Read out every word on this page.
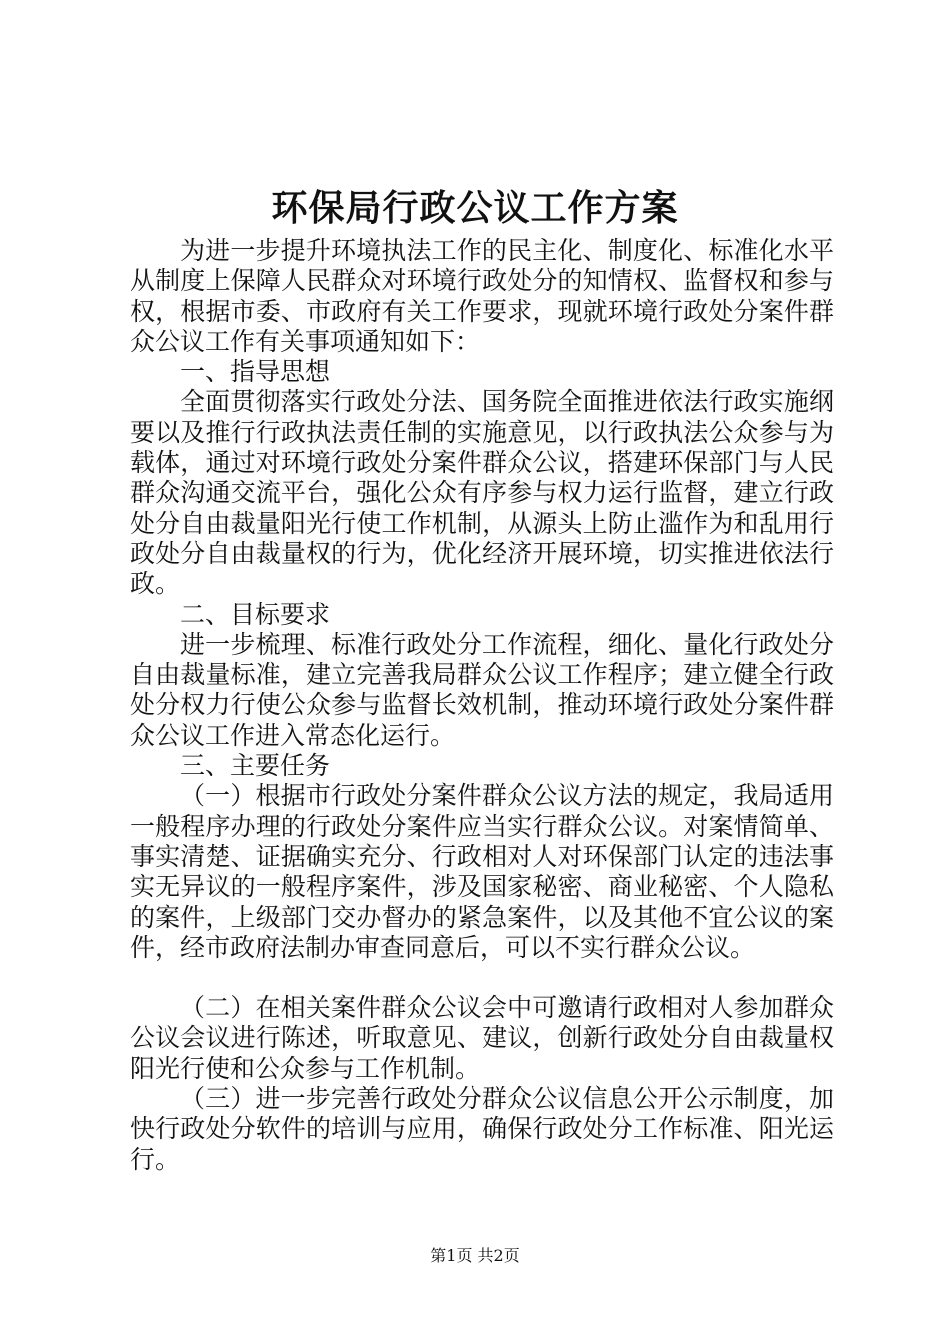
环保局行政公议工作方案

为进一步提升环境执法工作的民主化、制度化、标准化水平从制度上保障人民群众对环境行政处分的知情权、监督权和参与权，根据市委、市政府有关工作要求，现就环境行政处分案件群众公议工作有关事项通知如下：

一、指导思想

全面贯彻落实行政处分法、国务院全面推进依法行政实施纲要以及推行行政执法责任制的实施意见，以行政执法公众参与为载体，通过对环境行政处分案件群众公议，搭建环保部门与人民群众沟通交流平台，强化公众有序参与权力运行监督，建立行政处分自由裁量阳光行使工作机制，从源头上防止滥作为和乱用行政处分自由裁量权的行为，优化经济开展环境，切实推进依法行政。

二、目标要求

进一步梳理、标准行政处分工作流程，细化、量化行政处分自由裁量标准，建立完善我局群众公议工作程序；建立健全行政处分权力行使公众参与监督长效机制，推动环境行政处分案件群众公议工作进入常态化运行。

三、主要任务

（一）根据市行政处分案件群众公议方法的规定，我局适用一般程序办理的行政处分案件应当实行群众公议。对案情简单、事实清楚、证据确实充分、行政相对人对环保部门认定的违法事实无异议的一般程序案件，涉及国家秘密、商业秘密、个人隐私的案件，上级部门交办督办的紧急案件，以及其他不宜公议的案件，经市政府法制办审查同意后，可以不实行群众公议。

（二）在相关案件群众公议会中可邀请行政相对人参加群众公议会议进行陈述，听取意见、建议，创新行政处分自由裁量权阳光行使和公众参与工作机制。

（三）进一步完善行政处分群众公议信息公开公示制度，加快行政处分软件的培训与应用，确保行政处分工作标准、阳光运行。

第1页 共2页
